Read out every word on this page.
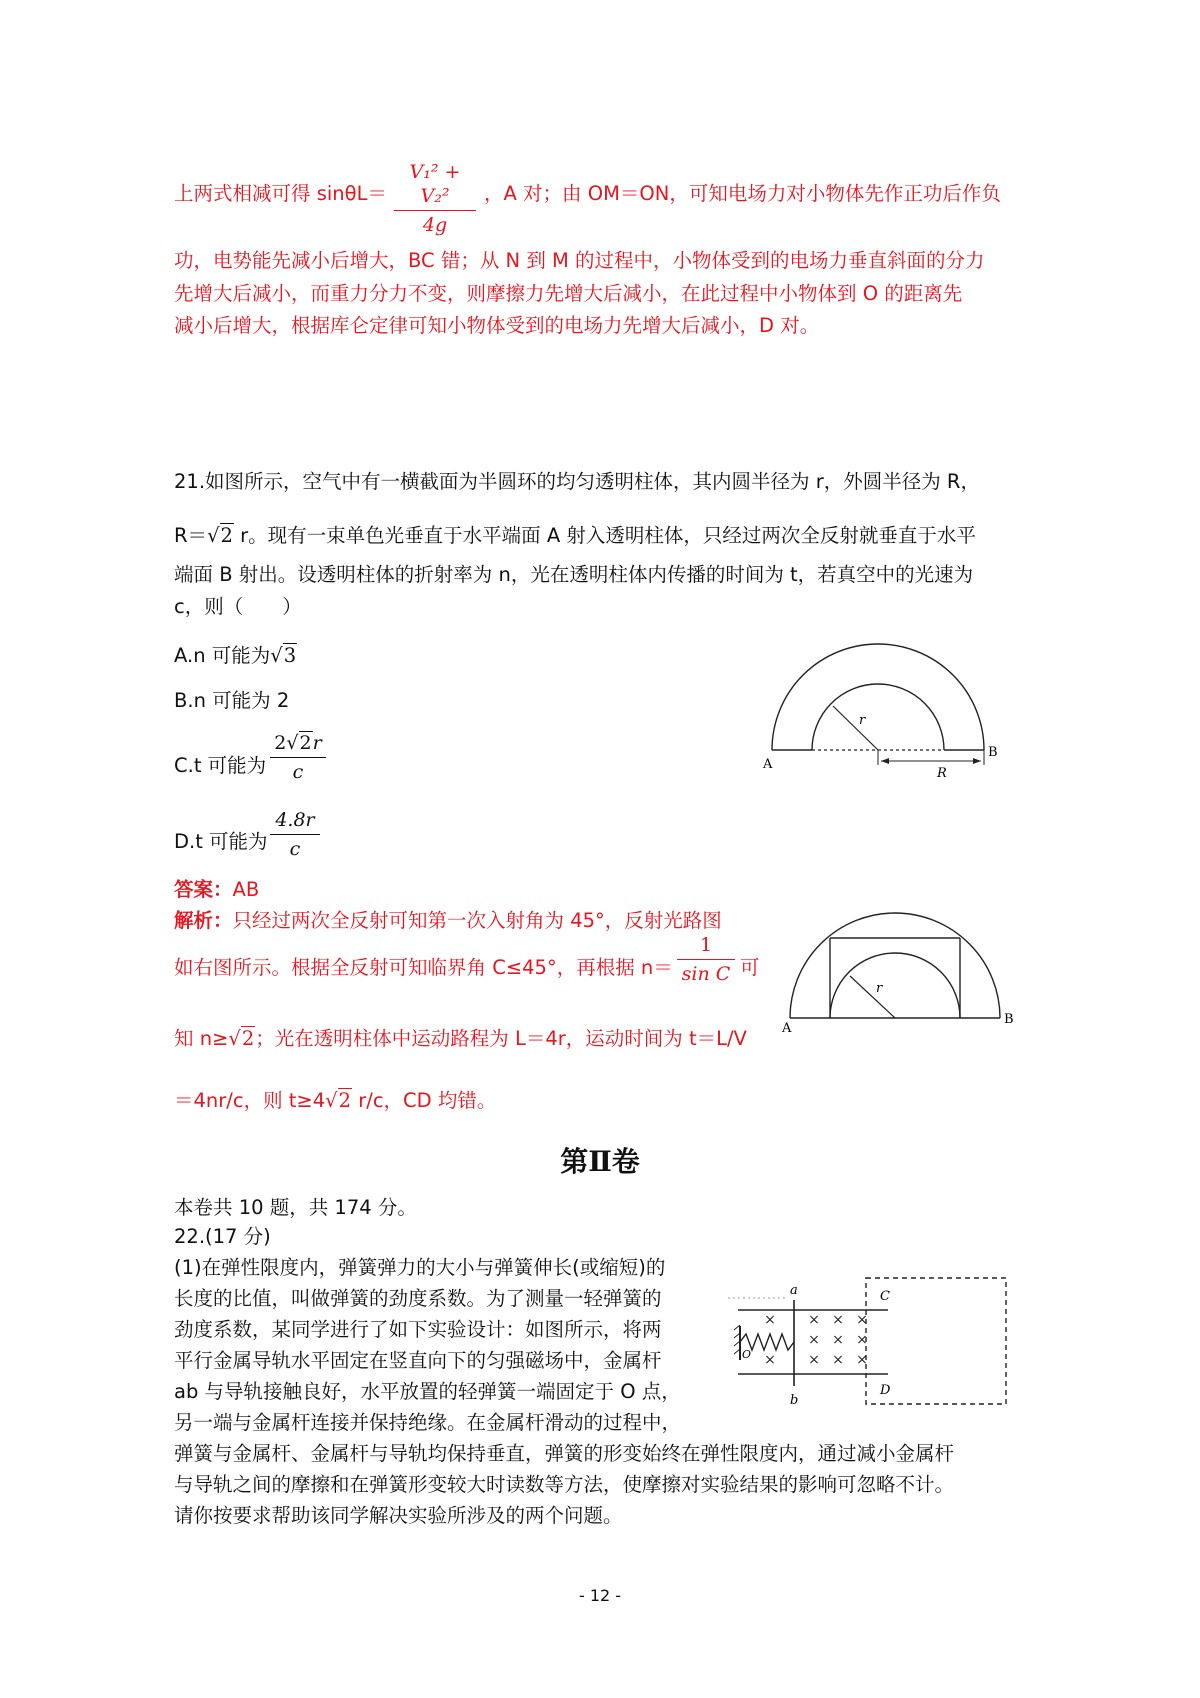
上两式相减可得 sinθL＝
V₁² + V₂²
4g
，A 对；由 OM＝ON，可知电场力对小物体先作正功后作负
功，电势能先减小后增大，BC 错；从 N 到 M 的过程中，小物体受到的电场力垂直斜面的分力
先增大后减小，而重力分力不变，则摩擦力先增大后减小，在此过程中小物体到 O 的距离先
减小后增大，根据库仑定律可知小物体受到的电场力先增大后减小，D 对。
21.如图所示，空气中有一横截面为半圆环的均匀透明柱体，其内圆半径为 r，外圆半径为 R，
R＝√2 r。现有一束单色光垂直于水平端面 A 射入透明柱体，只经过两次全反射就垂直于水平
端面 B 射出。设透明柱体的折射率为 n，光在透明柱体内传播的时间为 t，若真空中的光速为
c，则（　　）
A.n 可能为√3
B.n 可能为 2
C.t 可能为
2√2r
c
D.t 可能为
4.8r
c
r
A
B
R
答案：AB
解析：只经过两次全反射可知第一次入射角为 45°，反射光路图
如右图所示。根据全反射可知临界角 C≤45°，再根据 n＝
1
sin C 可
知 n≥√2；光在透明柱体中运动路程为 L＝4r，运动时间为 t＝L/V
＝4nr/c，则 t≥4√2 r/c，CD 均错。
r
A
B
第Ⅱ卷
本卷共 10 题，共 174 分。
22.(17 分)
(1)在弹性限度内，弹簧弹力的大小与弹簧伸长(或缩短)的
长度的比值，叫做弹簧的劲度系数。为了测量一轻弹簧的
劲度系数，某同学进行了如下实验设计：如图所示，将两
平行金属导轨水平固定在竖直向下的匀强磁场中，金属杆
ab 与导轨接触良好，水平放置的轻弹簧一端固定于 O 点，
另一端与金属杆连接并保持绝缘。在金属杆滑动的过程中，
弹簧与金属杆、金属杆与导轨均保持垂直，弹簧的形变始终在弹性限度内，通过减小金属杆
与导轨之间的摩擦和在弹簧形变较大时读数等方法，使摩擦对实验结果的影响可忽略不计。
请你按要求帮助该同学解决实验所涉及的两个问题。
×
×
× × ×
× × ×
× × ×
a
b
C
D
O
- 12 -
